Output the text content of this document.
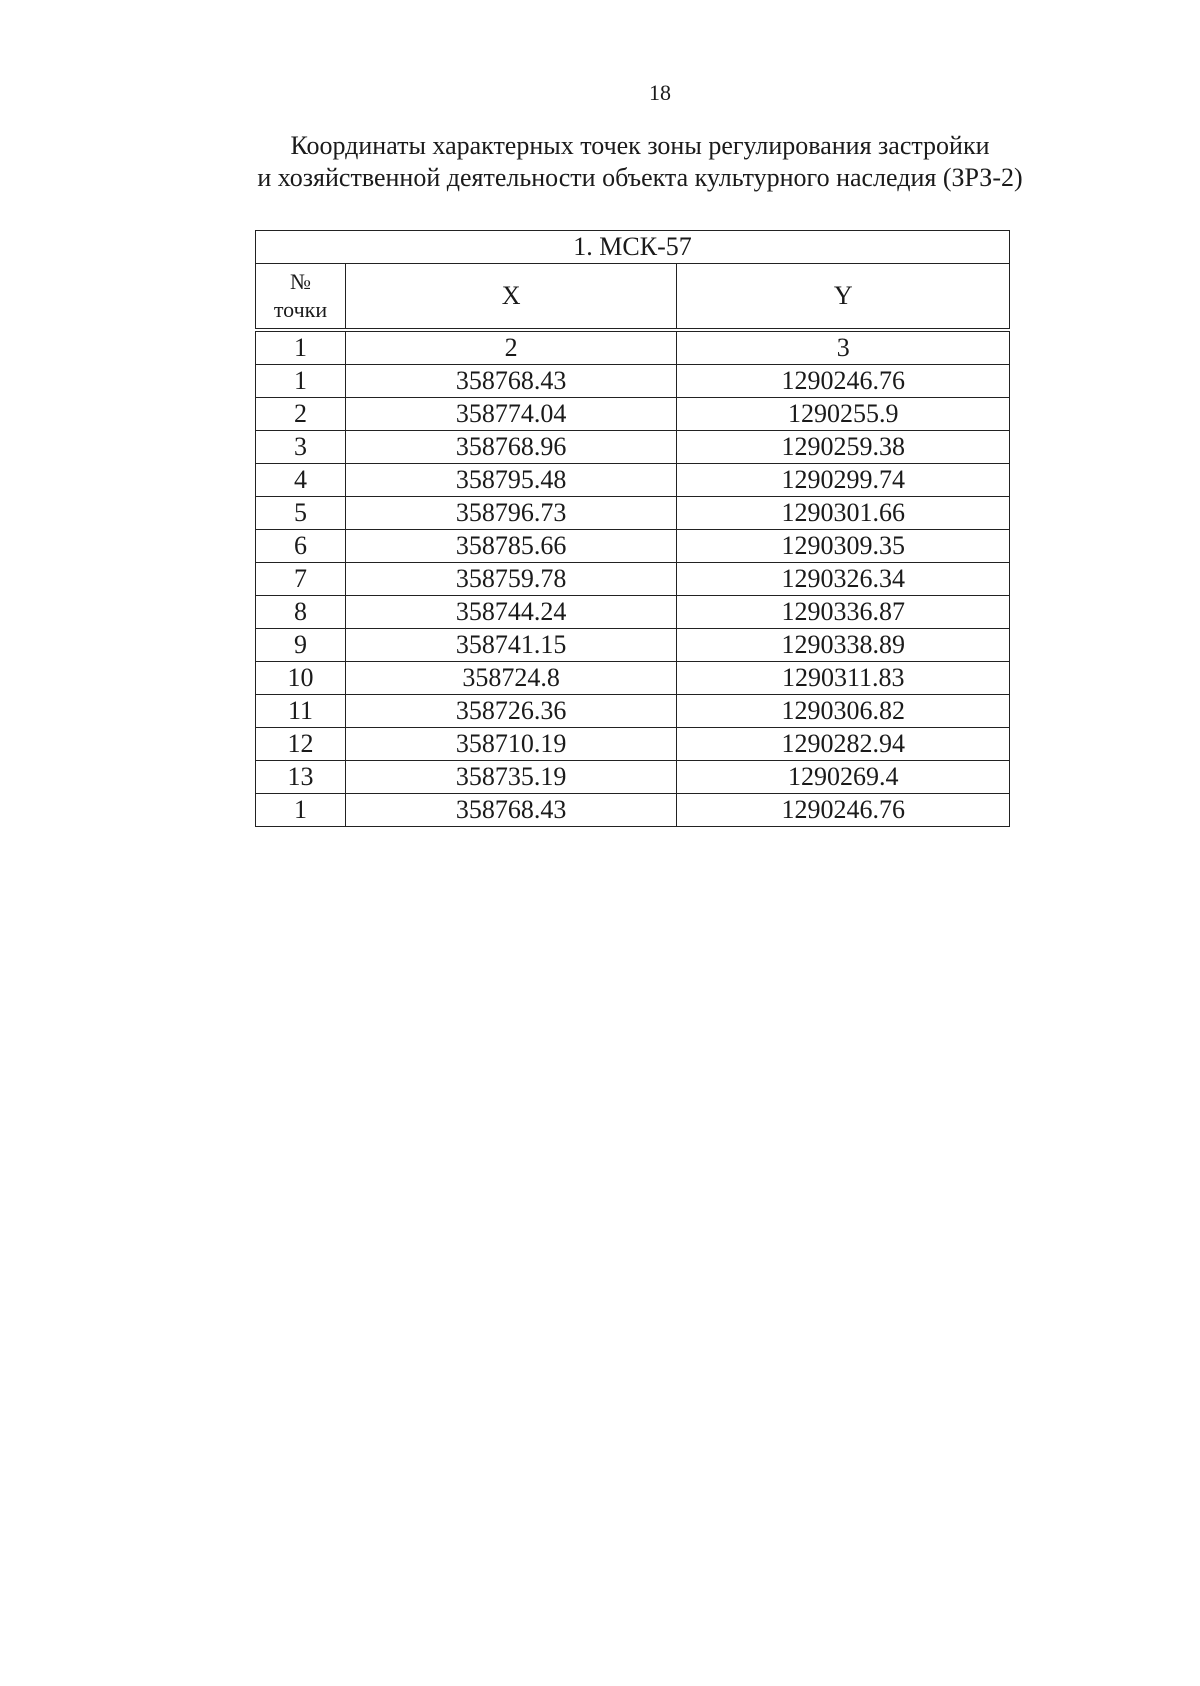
18
Координаты характерных точек зоны регулирования застройки
и хозяйственной деятельности объекта культурного наследия (ЗРЗ-2)
1. МСК-57		

№
точки	X	Y
1	2	3
1	358768.43	1290246.76
2	358774.04	1290255.9
3	358768.96	1290259.38
4	358795.48	1290299.74
5	358796.73	1290301.66
6	358785.66	1290309.35
7	358759.78	1290326.34
8	358744.24	1290336.87
9	358741.15	1290338.89
10	358724.8	1290311.83
11	358726.36	1290306.82
12	358710.19	1290282.94
13	358735.19	1290269.4
1	358768.43	1290246.76
